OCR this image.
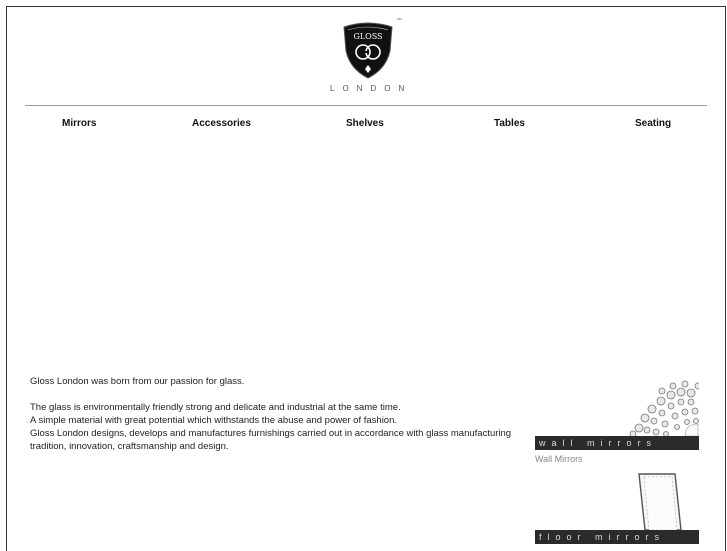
GLOSS
™
LONDON
Mirrors	Accessories	Shelves	Tables	Seating

Gloss London was born from our passion for glass.

The glass is environmentally friendly strong and delicate and industrial at the same time.

A simple material with great potential which withstands the abuse and power of fashion.

Gloss London designs, develops and manufactures furnishings carried out in accordance with glass manufacturing tradition, innovation, craftsmanship and design.	wall mirrors
Wall Mirrors
floor mirrors
